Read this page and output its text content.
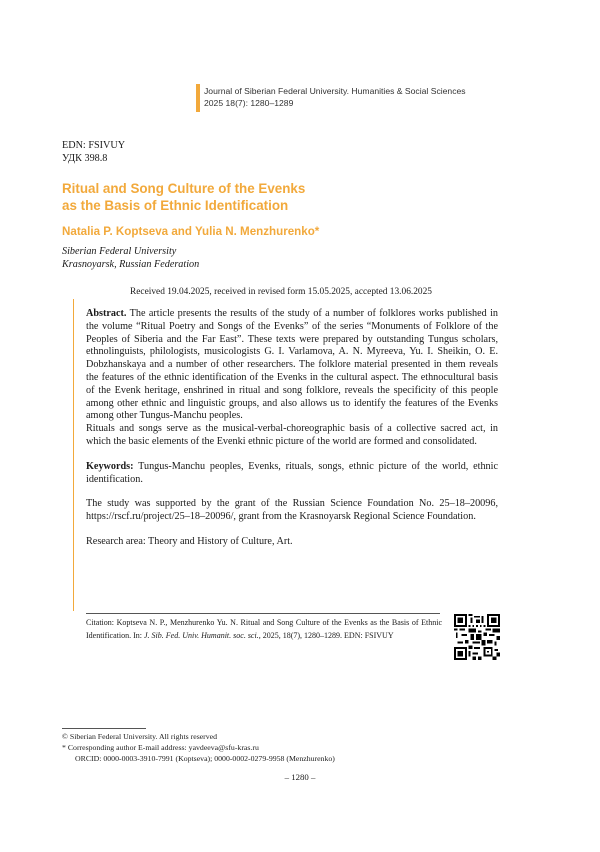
Journal of Siberian Federal University. Humanities & Social Sciences
2025 18(7): 1280–1289
EDN: FSIVUY
УДК 398.8
Ritual and Song Culture of the Evenks
as the Basis of Ethnic Identification
Natalia P. Koptseva and Yulia N. Menzhurenko*
Siberian Federal University
Krasnoyarsk, Russian Federation
Received 19.04.2025, received in revised form 15.05.2025, accepted 13.06.2025

Abstract. The article presents the results of the study of a number of folklores works published in the volume “Ritual Poetry and Songs of the Evenks” of the series “Monuments of Folklore of the Peoples of Siberia and the Far East”. These texts were prepared by outstanding Tungus scholars, ethnolinguists, philologists, musicologists G. I. Varlamova, A. N. Myreeva, Yu. I. Sheikin, O. E. Dobzhanskaya and a number of other researchers. The folklore material presented in them reveals the features of the ethnic identification of the Evenks in the cultural aspect. The ethnocultural basis of the Evenk heritage, enshrined in ritual and song folklore, reveals the specificity of this people among other ethnic and linguistic groups, and also allows us to identify the features of the Evenks among other Tungus-Manchu peoples.

Rituals and songs serve as the musical-verbal-choreographic basis of a collective sacred act, in which the basic elements of the Evenki ethnic picture of the world are formed and consolidated.

Keywords: Tungus-Manchu peoples, Evenks, rituals, songs, ethnic picture of the world, ethnic identification.

The study was supported by the grant of the Russian Science Foundation No. 25–18–20096, https://rscf.ru/project/25–18–20096/, grant from the Krasnoyarsk Regional Science Foundation.

Research area: Theory and History of Culture, Art.

Citation: Koptseva N. P., Menzhurenko Yu. N. Ritual and Song Culture of the Evenks as the Basis of Ethnic Identification. In: J. Sib. Fed. Univ. Humanit. soc. sci., 2025, 18(7), 1280–1289. EDN: FSIVUY
© Siberian Federal University. All rights reserved
* Corresponding author E-mail address: yavdeeva@sfu-kras.ru
ORCID: 0000-0003-3910-7991 (Koptseva); 0000-0002-0279-9958 (Menzhurenko)
– 1280 –
